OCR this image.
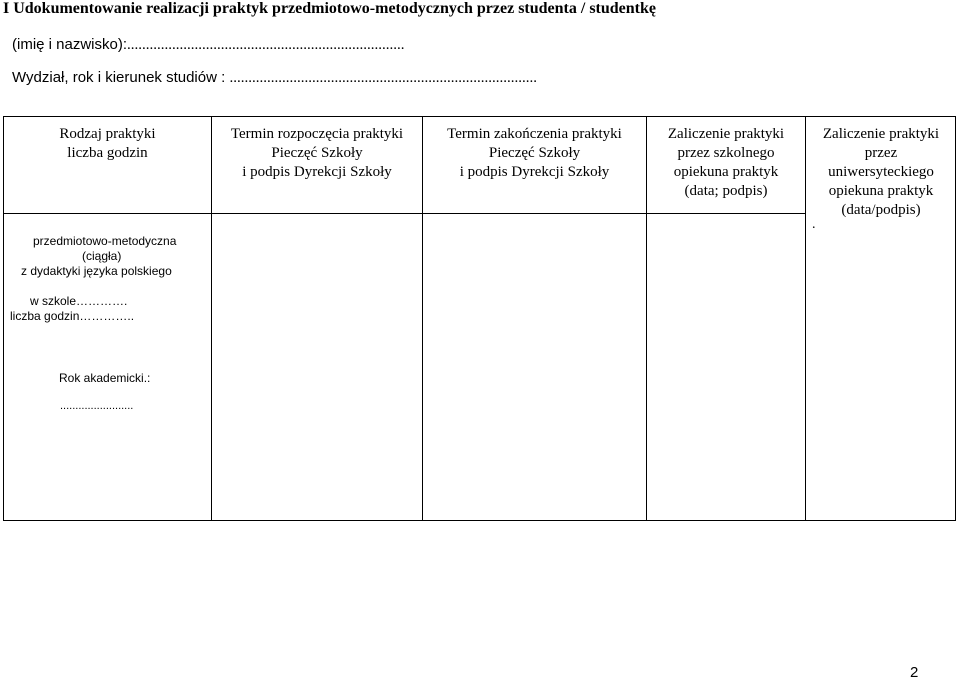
I Udokumentowanie realizacji praktyk przedmiotowo-metodycznych przez studenta / studentkę

(imię i nazwisko):..........................................................................
Wydział, rok i kierunek studiów : ..................................................................................
Rodzaj praktyki
liczba godzin
Termin rozpoczęcia praktyki
Pieczęć Szkoły
i podpis Dyrekcji Szkoły
Termin zakończenia praktyki
Pieczęć Szkoły
i podpis Dyrekcji Szkoły
Zaliczenie praktyki
przez szkolnego
opiekuna praktyk
(data; podpis)
Zaliczenie praktyki
przez
uniwersyteckiego
opiekuna praktyk
(data/podpis)
przedmiotowo-metodyczna
(ciągła)
z dydaktyki języka polskiego
w szkole………….
liczba godzin…………..
Rok akademicki.:
........................
.
2
